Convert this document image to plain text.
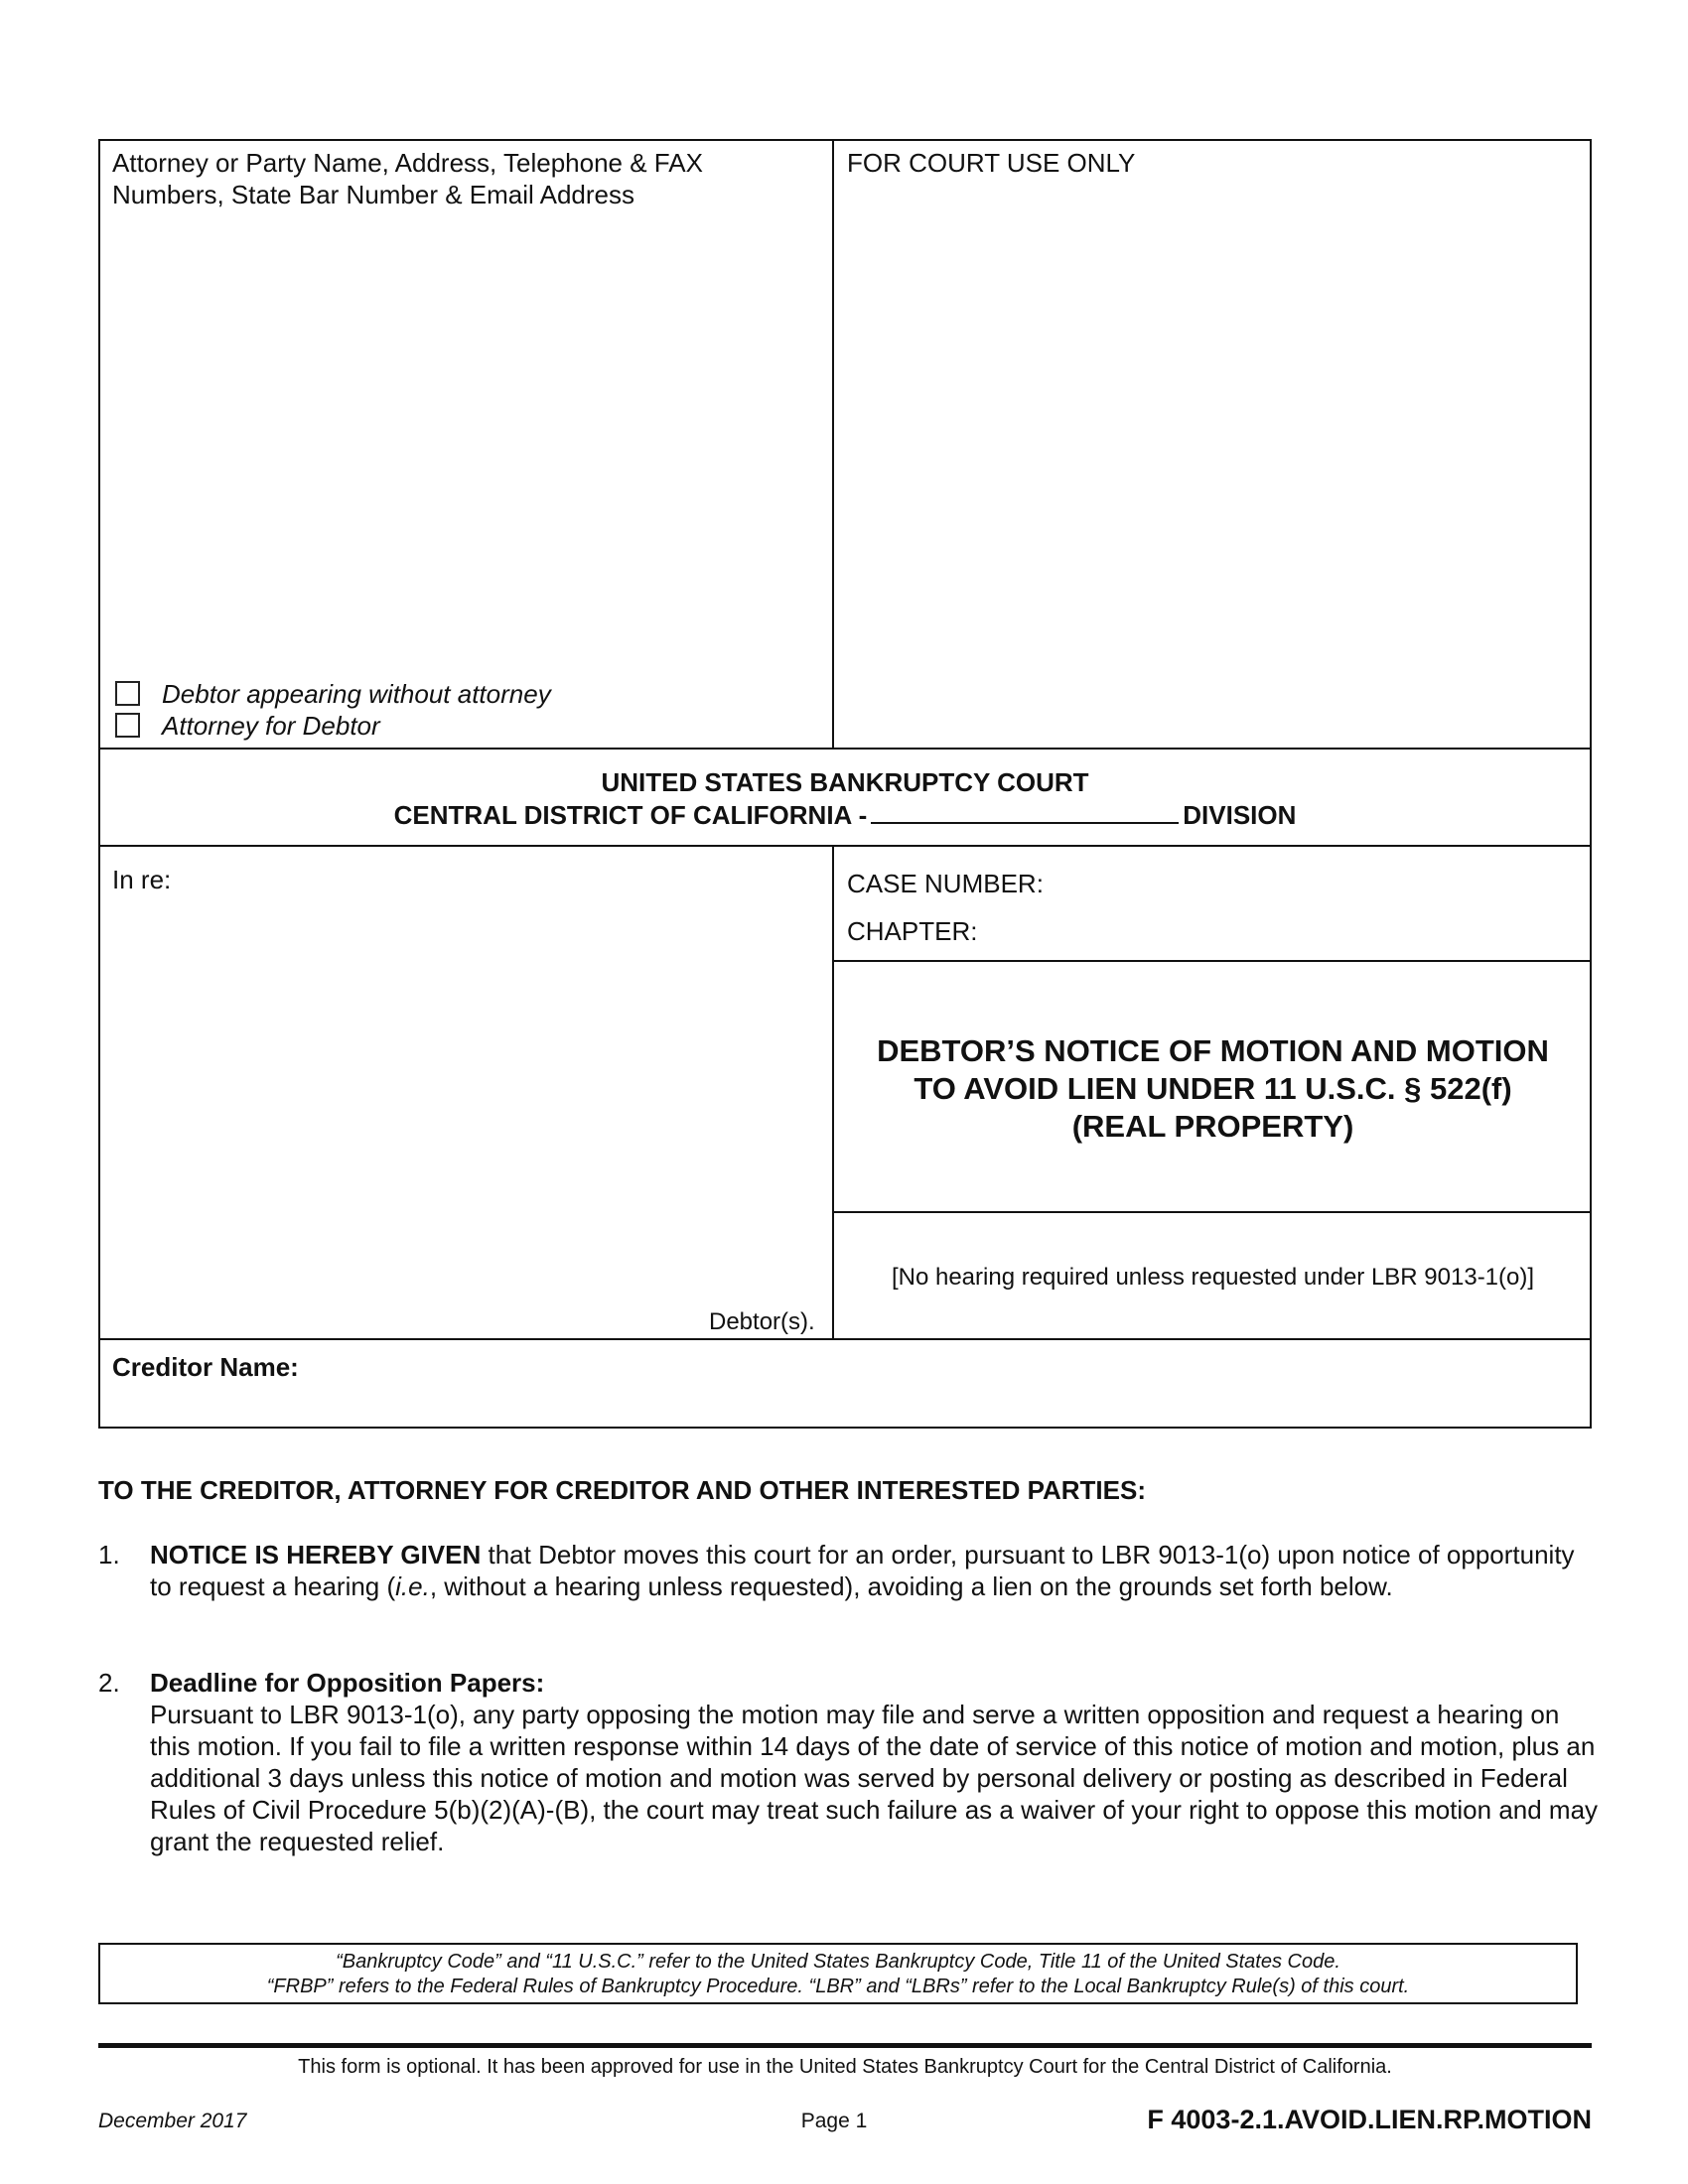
Attorney or Party Name, Address, Telephone & FAX
Numbers, State Bar Number & Email Address
FOR COURT USE ONLY
Debtor appearing without attorney
Attorney for Debtor
UNITED STATES BANKRUPTCY COURT
CENTRAL DISTRICT OF CALIFORNIA -	DIVISION
In re:
Debtor(s).
CASE NUMBER:
CHAPTER:
DEBTOR’S NOTICE OF MOTION AND MOTION
TO AVOID LIEN UNDER 11 U.S.C. § 522(f)
(REAL PROPERTY)
[No hearing required unless requested under LBR 9013-1(o)]
Creditor Name:
TO THE CREDITOR, ATTORNEY FOR CREDITOR AND OTHER INTERESTED PARTIES:
1. NOTICE IS HEREBY GIVEN that Debtor moves this court for an order, pursuant to LBR 9013-1(o) upon notice of opportunity to request a hearing (i.e., without a hearing unless requested), avoiding a lien on the grounds set forth below.
2. Deadline for Opposition Papers:
Pursuant to LBR 9013-1(o), any party opposing the motion may file and serve a written opposition and request a hearing on this motion. If you fail to file a written response within 14 days of the date of service of this notice of motion and motion, plus an additional 3 days unless this notice of motion and motion was served by personal delivery or posting as described in Federal Rules of Civil Procedure 5(b)(2)(A)-(B), the court may treat such failure as a waiver of your right to oppose this motion and may grant the requested relief.
“Bankruptcy Code” and “11 U.S.C.” refer to the United States Bankruptcy Code, Title 11 of the United States Code.
“FRBP” refers to the Federal Rules of Bankruptcy Procedure. “LBR” and “LBRs” refer to the Local Bankruptcy Rule(s) of this court.
This form is optional. It has been approved for use in the United States Bankruptcy Court for the Central District of California.
December 2017	Page 1	F 4003-2.1.AVOID.LIEN.RP.MOTION
